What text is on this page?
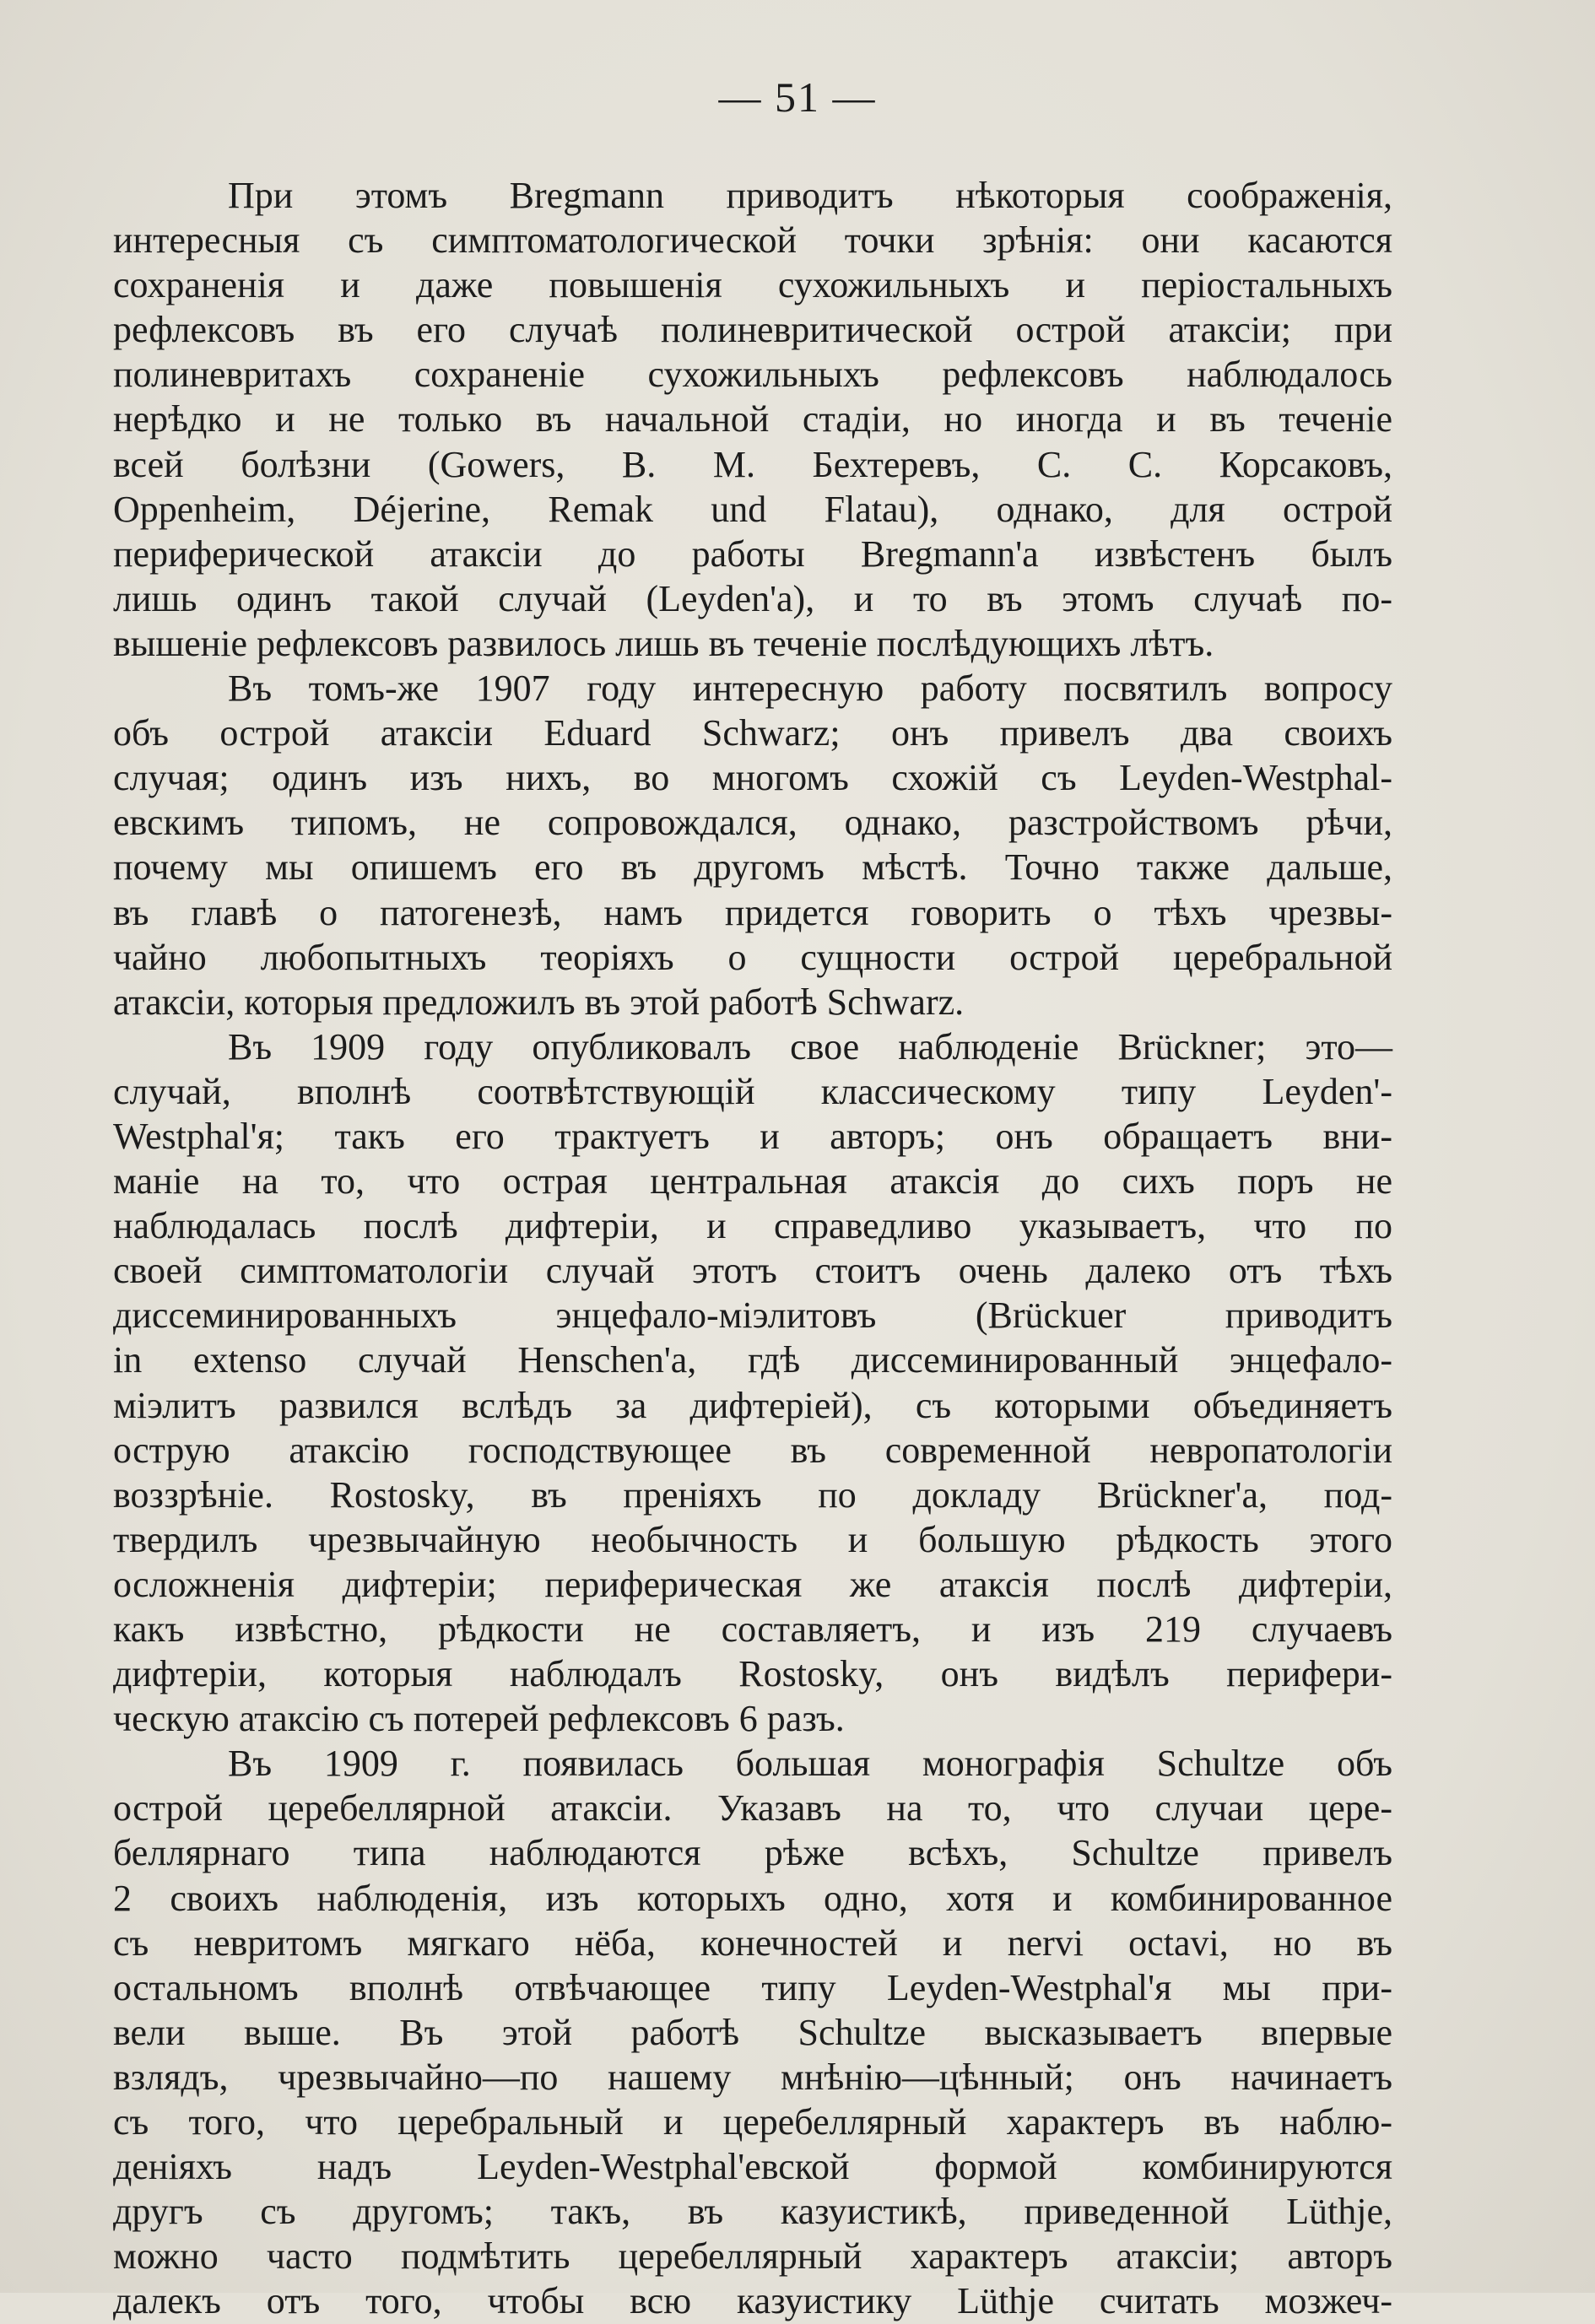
— 51 —
При этомъ Bregmann приводитъ нѣкоторыя соображенія,
интересныя съ симптоматологической точки зрѣнія: они касаются
сохраненія и даже повышенія сухожильныхъ и періостальныхъ
рефлексовъ въ его случаѣ полиневритической острой атаксіи; при
полиневритахъ сохраненіе сухожильныхъ рефлексовъ наблюдалось
нерѣдко и не только въ начальной стадіи, но иногда и въ теченіе
всей болѣзни (Gowers, В. М. Бехтеревъ, С. С. Корсаковъ,
Oppenheim, Déjerine, Remak und Flatau), однако, для острой
периферической атаксіи до работы Bregmann'a извѣстенъ былъ
лишь одинъ такой случай (Leyden'a), и то въ этомъ случаѣ по-
вышеніе рефлексовъ развилось лишь въ теченіе послѣдующихъ лѣтъ.
Въ томъ-же 1907 году интересную работу посвятилъ вопросу
объ острой атаксіи Eduard Schwarz; онъ привелъ два своихъ
случая; одинъ изъ нихъ, во многомъ схожій съ Leyden-Westphal-
евскимъ типомъ, не сопровождался, однако, разстройствомъ рѣчи,
почему мы опишемъ его въ другомъ мѣстѣ. Точно также дальше,
въ главѣ о патогенезѣ, намъ придется говорить о тѣхъ чрезвы-
чайно любопытныхъ теоріяхъ о сущности острой церебральной
атаксіи, которыя предложилъ въ этой работѣ Schwarz.
Въ 1909 году опубликовалъ свое наблюденіе Brückner; это—
случай, вполнѣ соотвѣтствующій классическому типу Leyden'-
Westphal'я; такъ его трактуетъ и авторъ; онъ обращаетъ вни-
маніе на то, что острая центральная атаксія до сихъ поръ не
наблюдалась послѣ дифтеріи, и справедливо указываетъ, что по
своей симптоматологіи случай этотъ стоитъ очень далеко отъ тѣхъ
диссеминированныхъ энцефало-міэлитовъ (Brückuer приводитъ
in extenso случай Henschen'a, гдѣ диссеминированный энцефало-
міэлитъ развился вслѣдъ за дифтеріей), съ которыми объединяетъ
острую атаксію господствующее въ современной невропатологіи
воззрѣніе. Rostosky, въ преніяхъ по докладу Brückner'a, под-
твердилъ чрезвычайную необычность и большую рѣдкость этого
осложненія дифтеріи; периферическая же атаксія послѣ дифтеріи,
какъ извѣстно, рѣдкости не составляетъ, и изъ 219 случаевъ
дифтеріи, которыя наблюдалъ Rostosky, онъ видѣлъ перифери-
ческую атаксію съ потерей рефлексовъ 6 разъ.
Въ 1909 г. появилась большая монографія Schultze объ
острой церебеллярной атаксіи. Указавъ на то, что случаи цере-
беллярнаго типа наблюдаются рѣже всѣхъ, Schultze привелъ
2 своихъ наблюденія, изъ которыхъ одно, хотя и комбинированное
съ невритомъ мягкаго нёба, конечностей и nervi octavi, но въ
остальномъ вполнѣ отвѣчающее типу Leyden-Westphal'я мы при-
вели выше. Въ этой работѣ Schultze высказываетъ впервые
взлядъ, чрезвычайно—по нашему мнѣнію—цѣнный; онъ начинаетъ
съ того, что церебральный и церебеллярный характеръ въ наблю-
деніяхъ надъ Leyden-Westphal'евской формой комбинируются
другъ съ другомъ; такъ, въ казуистикѣ, приведенной Lüthje,
можно часто подмѣтить церебеллярный характеръ атаксіи; авторъ
далекъ отъ того, чтобы всю казуистику Lüthje считать мозжеч-
